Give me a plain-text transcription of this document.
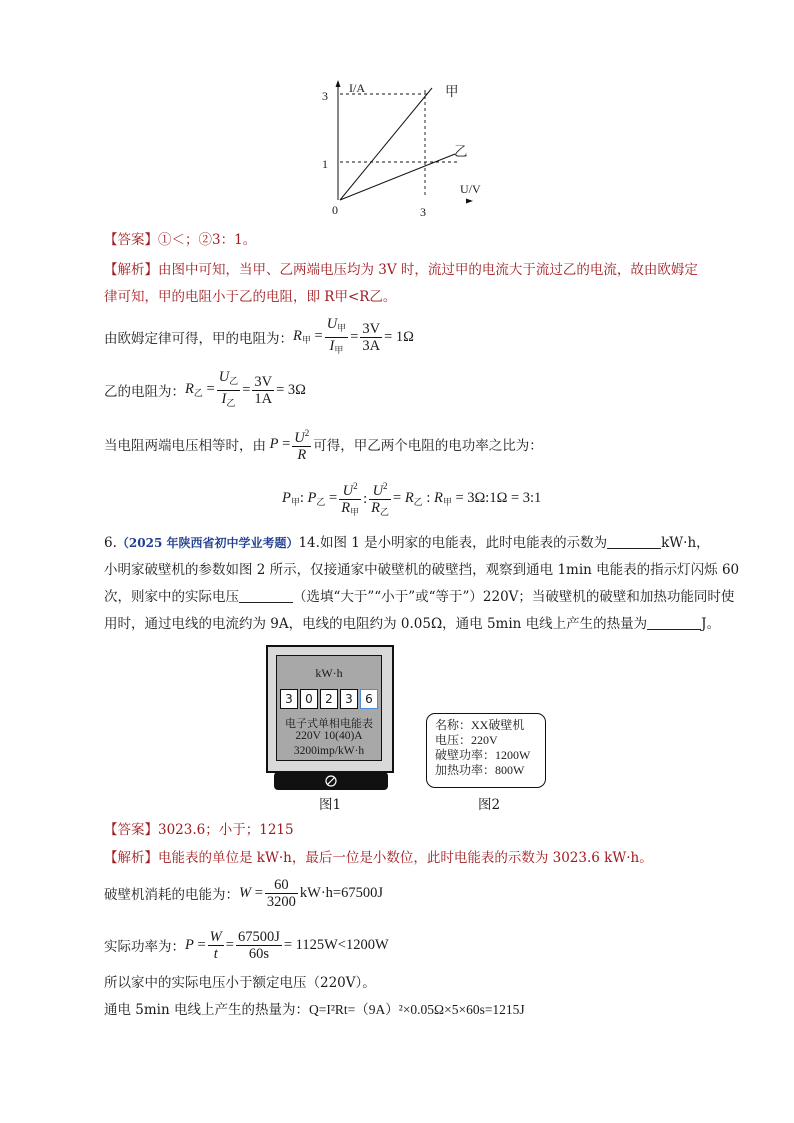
I/A
3
1
0	3
U/V
甲
乙
【答案】①＜；②3：1。
【解析】由图中可知，当甲、乙两端电压均为 3V 时，流过甲的电流大于流过乙的电流，故由欧姆定
律可知，甲的电阻小于乙的电阻，即 R甲<R乙。
由欧姆定律可得，甲的电阻为： $R_甲 = \frac{U_甲}{I_甲} = \frac{3V}{3A} = 1\Omega$
乙的电阻为： $R_乙 = \frac{U_乙}{I_乙} = \frac{3V}{1A} = 3\Omega$
当电阻两端电压相等时，由 $P = \frac{U^2}{R}$ 可得，甲乙两个电阻的电功率之比为：
$P_甲$: $P_乙 = \frac{U^2}{R_甲}$ : $\frac{U^2}{R_乙} = R_乙$ : $R_甲$ = 3Ω:1Ω = 3:1
6.（2025 年陕西省初中学业考题）14.如图 1 是小明家的电能表，此时电能表的示数为	kW·h，
小明家破壁机的参数如图 2 所示，仅接通家中破壁机的破壁挡，观察到通电 1min 电能表的指示灯闪烁 60
次，则家中的实际电压	（选填“大于”“小于”或“等于”）220V；当破壁机的破壁和加热功能同时使
用时，通过电线的电流约为 9A，电线的电阻约为 0.05Ω，通电 5min 电线上产生的热量为	J。
kW·h
3	0	2	3	6
电子式单相电能表
220V 10(40)A
3200imp/kW·h
图1
名称：XX破壁机
电压：220V
破壁功率：1200W
加热功率：800W
图2
【答案】3023.6；小于；1215
【解析】电能表的单位是 kW·h，最后一位是小数位，此时电能表的示数为 3023.6 kW·h。
破壁机消耗的电能为： $W = \frac{60}{3200} kW\cdot h=67500J$
实际功率为： $P = \frac{W}{t} = \frac{67500J}{60s} = 1125W<1200W$
所以家中的实际电压小于额定电压（220V）。
通电 5min 电线上产生的热量为：Q=I²Rt=（9A）²×0.05Ω×5×60s=1215J
